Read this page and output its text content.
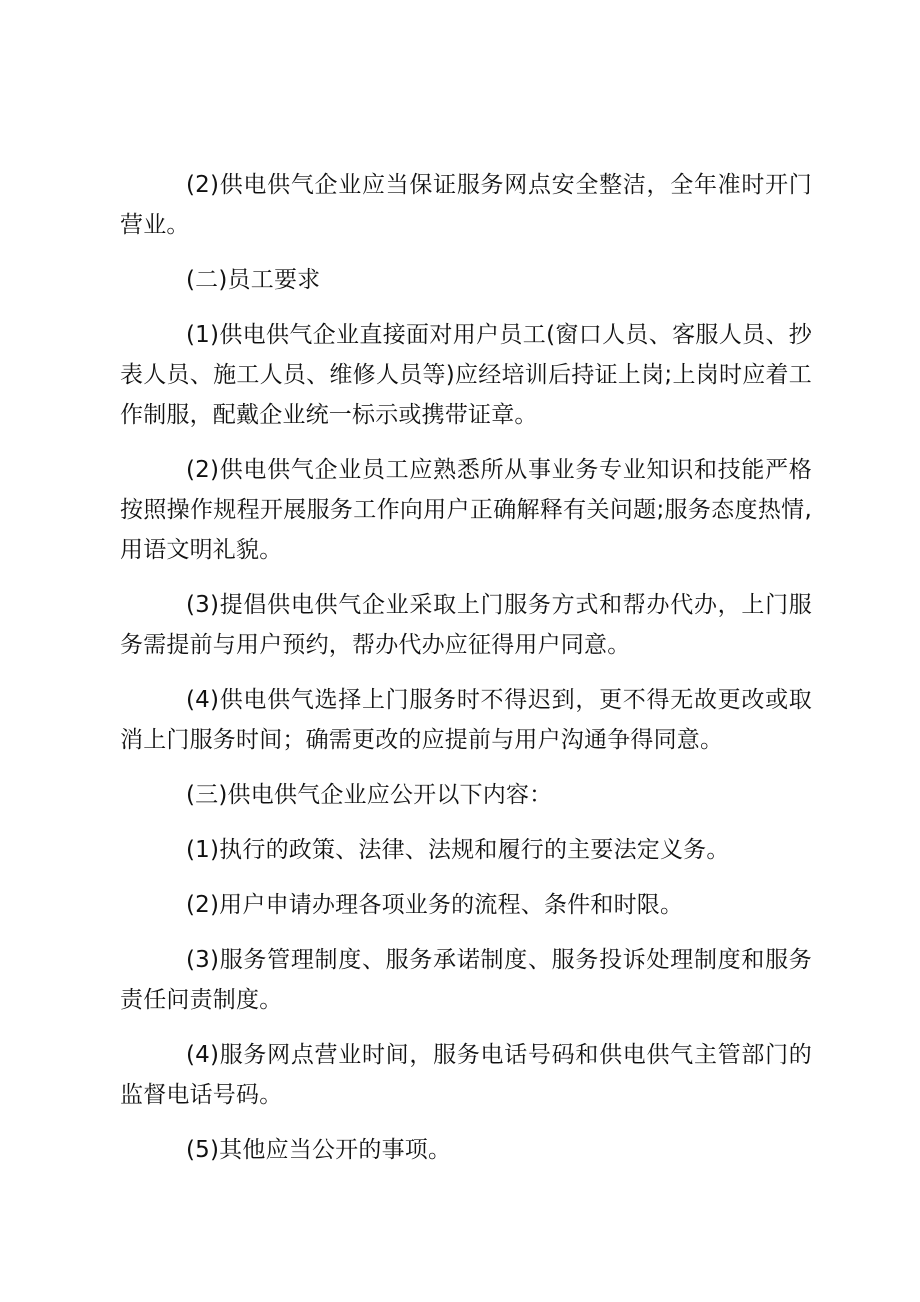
(2)供电供气企业应当保证服务网点安全整洁，全年准时开门营业。

(二)员工要求

(1)供电供气企业直接面对用户员工(窗口人员、客服人员、抄表人员、施工人员、维修人员等)应经培训后持证上岗;上岗时应着工作制服，配戴企业统一标示或携带证章。

(2)供电供气企业员工应熟悉所从事业务专业知识和技能严格按照操作规程开展服务工作向用户正确解释有关问题;服务态度热情,用语文明礼貌。

(3)提倡供电供气企业采取上门服务方式和帮办代办，上门服务需提前与用户预约，帮办代办应征得用户同意。

(4)供电供气选择上门服务时不得迟到，更不得无故更改或取消上门服务时间；确需更改的应提前与用户沟通争得同意。

(三)供电供气企业应公开以下内容：

(1)执行的政策、法律、法规和履行的主要法定义务。

(2)用户申请办理各项业务的流程、条件和时限。

(3)服务管理制度、服务承诺制度、服务投诉处理制度和服务责任问责制度。

(4)服务网点营业时间，服务电话号码和供电供气主管部门的监督电话号码。

(5)其他应当公开的事项。
